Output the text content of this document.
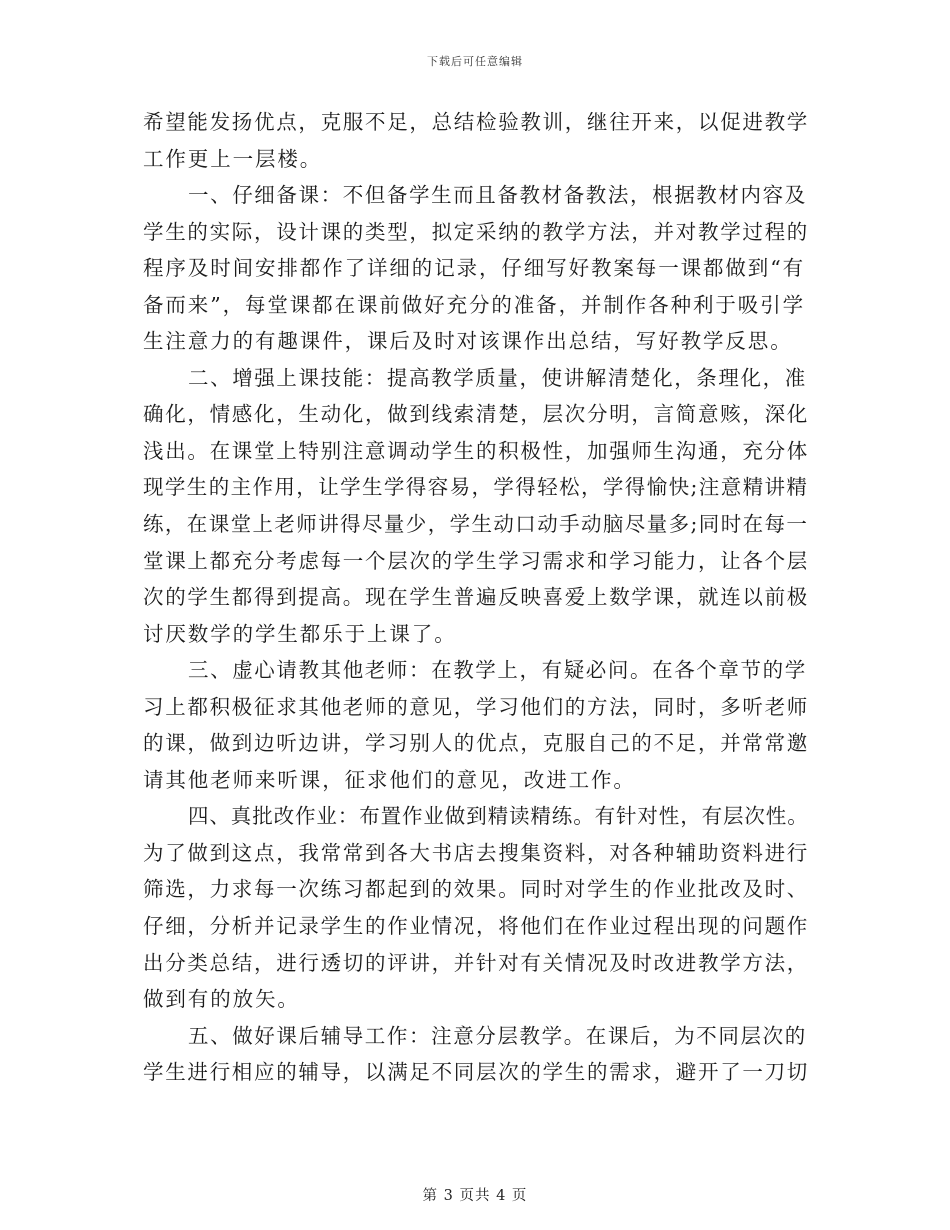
下载后可任意编辑
希望能发扬优点，克服不足，总结检验教训，继往开来，以促进教学
工作更上一层楼。
一、仔细备课：不但备学生而且备教材备教法，根据教材内容及
学生的实际，设计课的类型，拟定采纳的教学方法，并对教学过程的
程序及时间安排都作了详细的记录，仔细写好教案每一课都做到“有
备而来”，每堂课都在课前做好充分的准备，并制作各种利于吸引学
生注意力的有趣课件，课后及时对该课作出总结，写好教学反思。
二、增强上课技能：提高教学质量，使讲解清楚化，条理化，准
确化，情感化，生动化，做到线索清楚，层次分明，言简意赅，深化
浅出。在课堂上特别注意调动学生的积极性，加强师生沟通，充分体
现学生的主作用，让学生学得容易，学得轻松，学得愉快;注意精讲精
练，在课堂上老师讲得尽量少，学生动口动手动脑尽量多;同时在每一
堂课上都充分考虑每一个层次的学生学习需求和学习能力，让各个层
次的学生都得到提高。现在学生普遍反映喜爱上数学课，就连以前极
讨厌数学的学生都乐于上课了。
三、虚心请教其他老师：在教学上，有疑必问。在各个章节的学
习上都积极征求其他老师的意见，学习他们的方法，同时，多听老师
的课，做到边听边讲，学习别人的优点，克服自己的不足，并常常邀
请其他老师来听课，征求他们的意见，改进工作。
四、真批改作业：布置作业做到精读精练。有针对性，有层次性。
为了做到这点，我常常到各大书店去搜集资料，对各种辅助资料进行
筛选，力求每一次练习都起到的效果。同时对学生的作业批改及时、
仔细，分析并记录学生的作业情况，将他们在作业过程出现的问题作
出分类总结，进行透切的评讲，并针对有关情况及时改进教学方法，
做到有的放矢。
五、做好课后辅导工作：注意分层教学。在课后，为不同层次的
学生进行相应的辅导，以满足不同层次的学生的需求，避开了一刀切
第 3 页共 4 页
